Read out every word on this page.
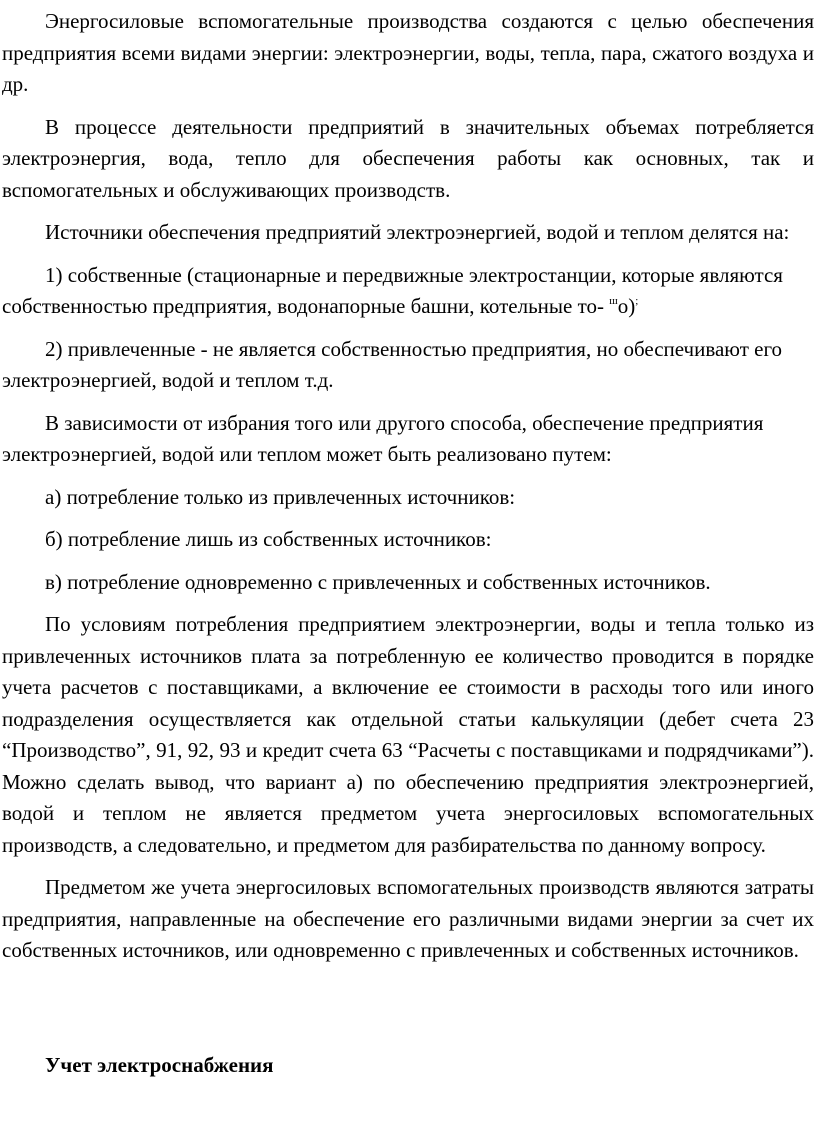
Энергосиловые вспомогательные производства создаются с целью обеспечения предприятия всеми видами энергии: электроэнергии, воды, тепла, пара, сжатого воздуха и др.

В процессе деятельности предприятий в значительных объемах потребляется электроэнергия, вода, тепло для обеспечения работы как основных, так и вспомогательных и обслуживающих производств.

Источники обеспечения предприятий электроэнергией, водой и теплом делятся на:

1) собственные (стационарные и передвижные электростанции, которые являются собственностью предприятия, водонапорные башни, котельные то- $^ш$о);

2) привлеченные - не является собственностью предприятия, но обеспечивают его электроэнергией, водой и теплом т.д.

В зависимости от избрания того или другого способа, обеспечение предприятия электроэнергией, водой или теплом может быть реализовано путем:

а) потребление только из привлеченных источников:

б) потребление лишь из собственных источников:

в) потребление одновременно с привлеченных и собственных источников.

По условиям потребления предприятием электроэнергии, воды и тепла только из привлеченных источников плата за потребленную ее количество проводится в порядке учета расчетов с поставщиками, а включение ее стоимости в расходы того или иного подразделения осуществляется как отдельной статьи калькуляции (дебет счета 23 “Производство”, 91, 92, 93 и кредит счета 63 “Расчеты с поставщиками и подрядчиками”). Можно сделать вывод, что вариант а) по обеспечению предприятия электроэнергией, водой и теплом не является предметом учета энергосиловых вспомогательных производств, а следовательно, и предметом для разбирательства по данному вопросу.

Предметом же учета энергосиловых вспомогательных производств являются затраты предприятия, направленные на обеспечение его различными видами энергии за счет их собственных источников, или одновременно с привлеченных и собственных источников.

Учет электроснабжения
